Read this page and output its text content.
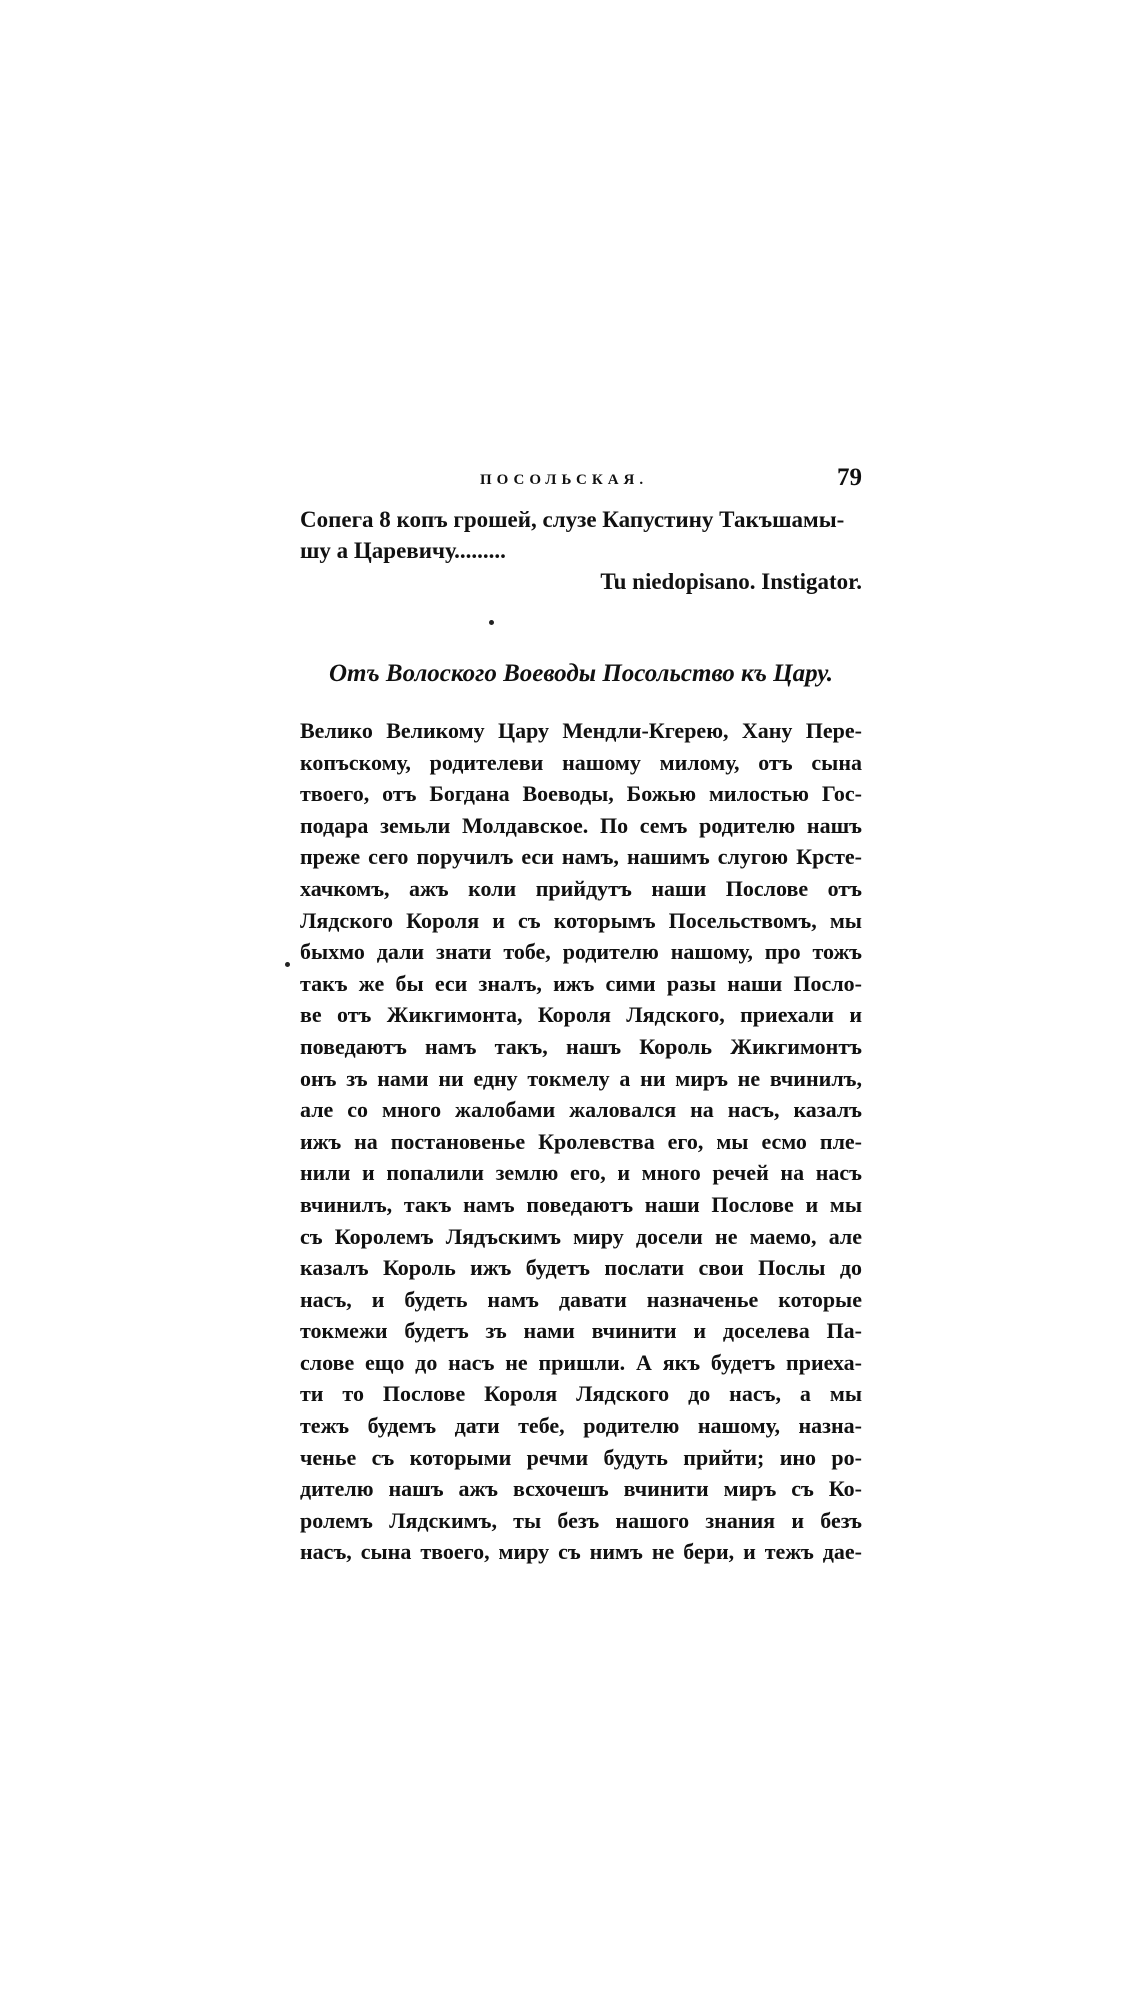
ПОСОЛЬСКАЯ.	79
Сопега 8 копъ грошей, слузе Капустину Такъшамы-
шу а Царевичу.........
Tu niedopisano. Instigator.
Отъ Волоского Воеводы Посольство къ Цару.
Велико Великому Цару Мендли-Кгерею, Хану Пере-
копъскому, родителеви нашому милому, отъ сына
твоего, отъ Богдана Воеводы, Божью милостью Гос-
подара земьли Молдавское. По семъ родителю нашъ
преже сего поручилъ еси намъ, нашимъ слугою Крсте-
хачкомъ, ажъ коли прийдутъ наши Послове отъ
Лядского Короля и съ которымъ Посельствомъ, мы
быхмо дали знати тобе, родителю нашому, про тожъ
такъ же бы еси зналъ, ижъ сими разы наши Посло-
ве отъ Жикгимонта, Короля Лядского, приехали и
поведаютъ намъ такъ, нашъ Король Жикгимонтъ
онъ зъ нами ни едну токмелу а ни миръ не вчинилъ,
але со много жалобами жаловался на насъ, казалъ
ижъ на постановенье Кролевства его, мы есмо пле-
нили и попалили землю его, и много речей на насъ
вчинилъ, такъ намъ поведаютъ наши Послове и мы
съ Королемъ Лядъскимъ миру досели не маемо, але
казалъ Король ижъ будетъ послати свои Послы до
насъ, и будеть намъ давати назначенье которые
токмежи будетъ зъ нами вчинити и доселева Па-
слове ещо до насъ не пришли. А якъ будетъ приеха-
ти то Послове Короля Лядского до насъ, а мы
тежъ будемъ дати тебе, родителю нашому, назна-
ченье съ которыми речми будуть прийти; ино ро-
дителю нашъ ажъ всхочешъ вчинити миръ съ Ко-
ролемъ Лядскимъ, ты безъ нашого знания и безъ
насъ, сына твоего, миру съ нимъ не бери, и тежъ дае-
